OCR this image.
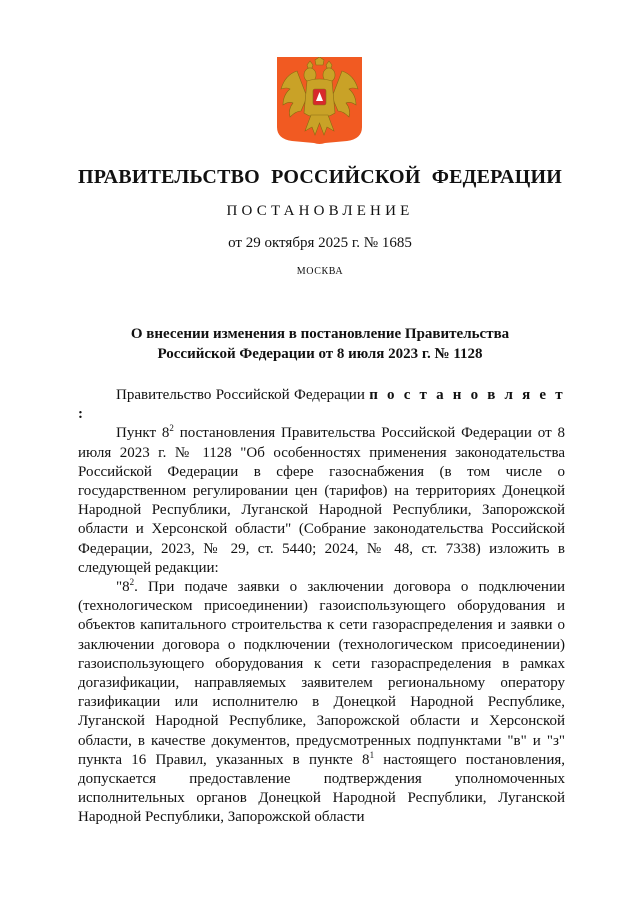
ПРАВИТЕЛЬСТВО РОССИЙСКОЙ ФЕДЕРАЦИИ
ПОСТАНОВЛЕНИЕ
от 29 октября 2025 г. № 1685
МОСКВА
О внесении изменения в постановление Правительства
Российской Федерации от 8 июля 2023 г. № 1128

Правительство Российской Федерации п о с т а н о в л я е т :

Пункт $8^2$ постановления Правительства Российской Федерации от 8 июля 2023 г. № 1128 "Об особенностях применения законодательства Российской Федерации в сфере газоснабжения (в том числе о государственном регулировании цен (тарифов) на территориях Донецкой Народной Республики, Луганской Народной Республики, Запорожской области и Херсонской области" (Собрание законодательства Российской Федерации, 2023, № 29, ст. 5440; 2024, № 48, ст. 7338) изложить в следующей редакции:

"$8^2$. При подаче заявки о заключении договора о подключении (технологическом присоединении) газоиспользующего оборудования и объектов капитального строительства к сети газораспределения и заявки о заключении договора о подключении (технологическом присоединении) газоиспользующего оборудования к сети газораспределения в рамках догазификации, направляемых заявителем региональному оператору газификации или исполнителю в Донецкой Народной Республике, Луганской Народной Республике, Запорожской области и Херсонской области, в качестве документов, предусмотренных подпунктами "в" и "з" пункта 16 Правил, указанных в пункте $8^1$ настоящего постановления, допускается предоставление подтверждения уполномоченных исполнительных органов Донецкой Народной Республики, Луганской Народной Республики, Запорожской области
